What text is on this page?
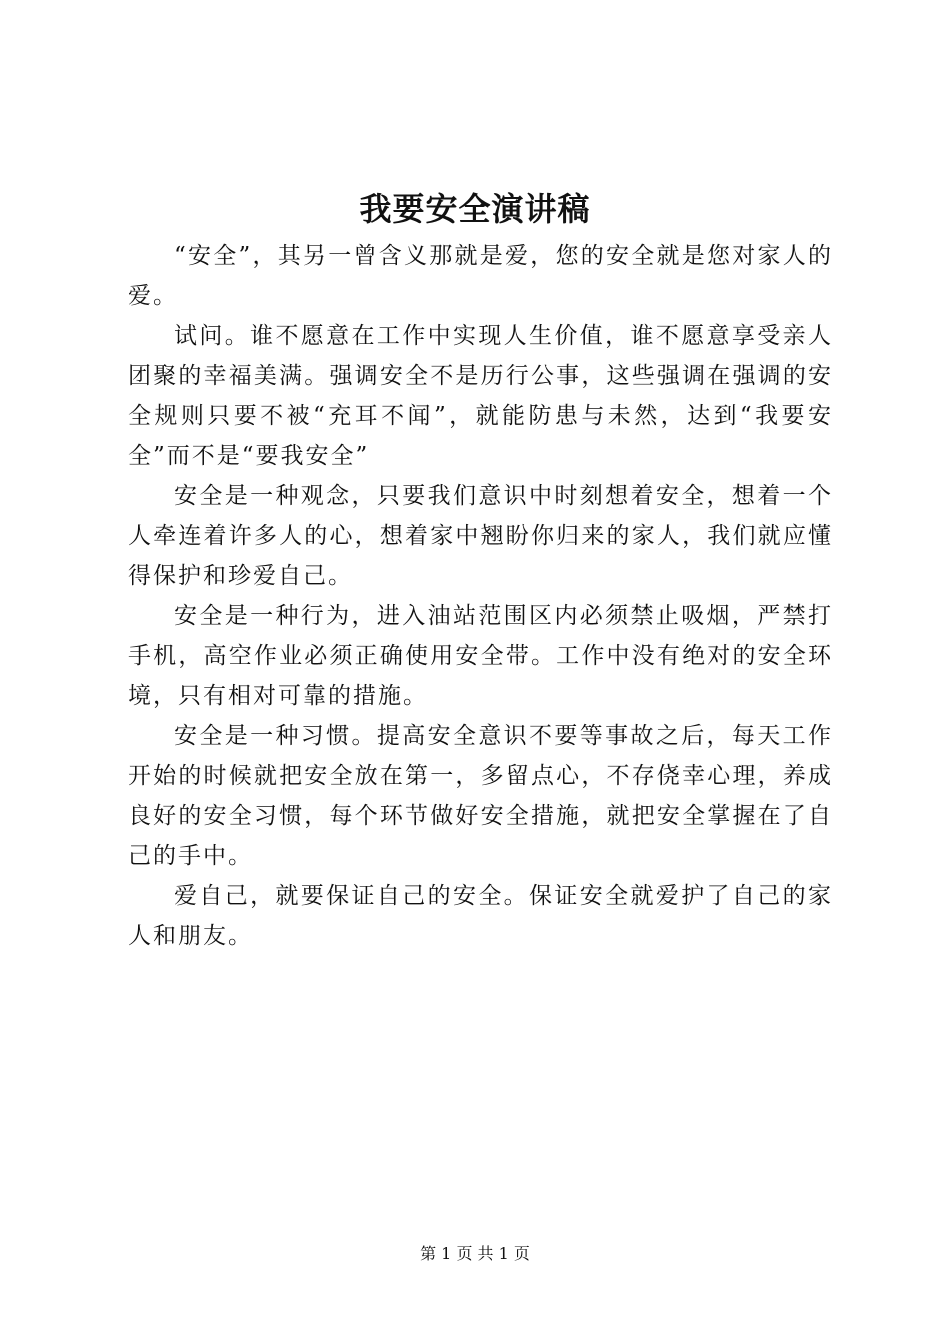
我要安全演讲稿

“安全”，其另一曾含义那就是爱，您的安全就是您对家人的爱。

试问。谁不愿意在工作中实现人生价值，谁不愿意享受亲人团聚的幸福美满。强调安全不是历行公事，这些强调在强调的安全规则只要不被“充耳不闻”，就能防患与未然，达到“我要安全”而不是“要我安全”

安全是一种观念，只要我们意识中时刻想着安全，想着一个人牵连着许多人的心，想着家中翘盼你归来的家人，我们就应懂得保护和珍爱自己。

安全是一种行为，进入油站范围区内必须禁止吸烟，严禁打手机，高空作业必须正确使用安全带。工作中没有绝对的安全环境，只有相对可靠的措施。

安全是一种习惯。提高安全意识不要等事故之后，每天工作开始的时候就把安全放在第一，多留点心，不存侥幸心理，养成良好的安全习惯，每个环节做好安全措施，就把安全掌握在了自己的手中。

爱自己，就要保证自己的安全。保证安全就爱护了自己的家人和朋友。

第 1 页 共 1 页
